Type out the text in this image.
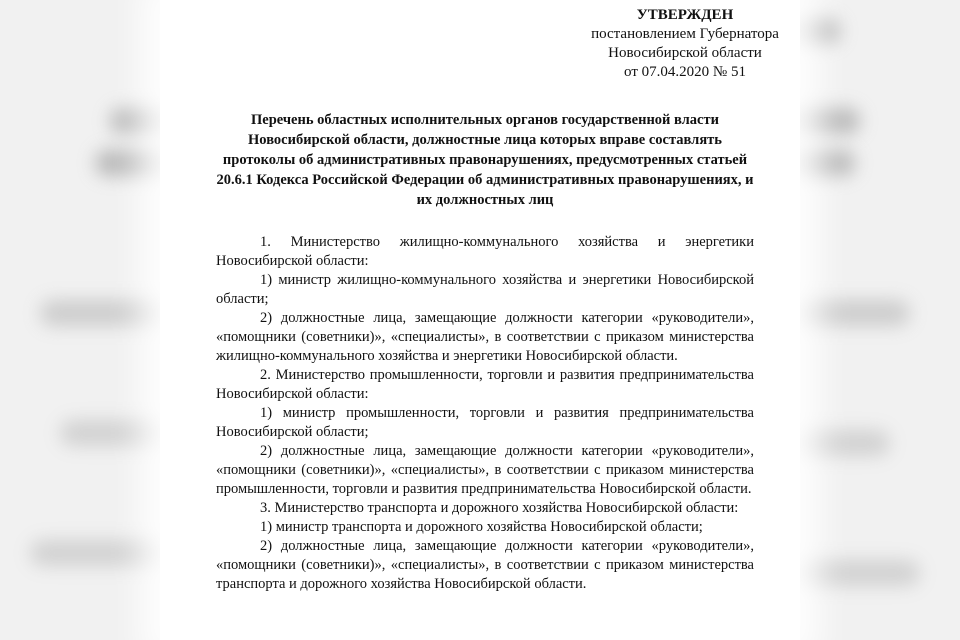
УТВЕРЖДЕН
постановлением Губернатора
Новосибирской области
от 07.04.2020 № 51
Перечень областных исполнительных органов государственной власти Новосибирской области, должностные лица которых вправе составлять протоколы об административных правонарушениях, предусмотренных статьей 20.6.1 Кодекса Российской Федерации об административных правонарушениях, и их должностных лиц

1. Министерство жилищно-коммунального хозяйства и энергетики Новосибирской области:

1) министр жилищно-коммунального хозяйства и энергетики Новосибирской области;

2) должностные лица, замещающие должности категории «руководители», «помощники (советники)», «специалисты», в соответствии с приказом министерства жилищно-коммунального хозяйства и энергетики Новосибирской области.

2. Министерство промышленности, торговли и развития предпринимательства Новосибирской области:

1) министр промышленности, торговли и развития предпринимательства Новосибирской области;

2) должностные лица, замещающие должности категории «руководители», «помощники (советники)», «специалисты», в соответствии с приказом министерства промышленности, торговли и развития предпринимательства Новосибирской области.

3. Министерство транспорта и дорожного хозяйства Новосибирской области:

1) министр транспорта и дорожного хозяйства Новосибирской области;

2) должностные лица, замещающие должности категории «руководители», «помощники (советники)», «специалисты», в соответствии с приказом министерства транспорта и дорожного хозяйства Новосибирской области.
